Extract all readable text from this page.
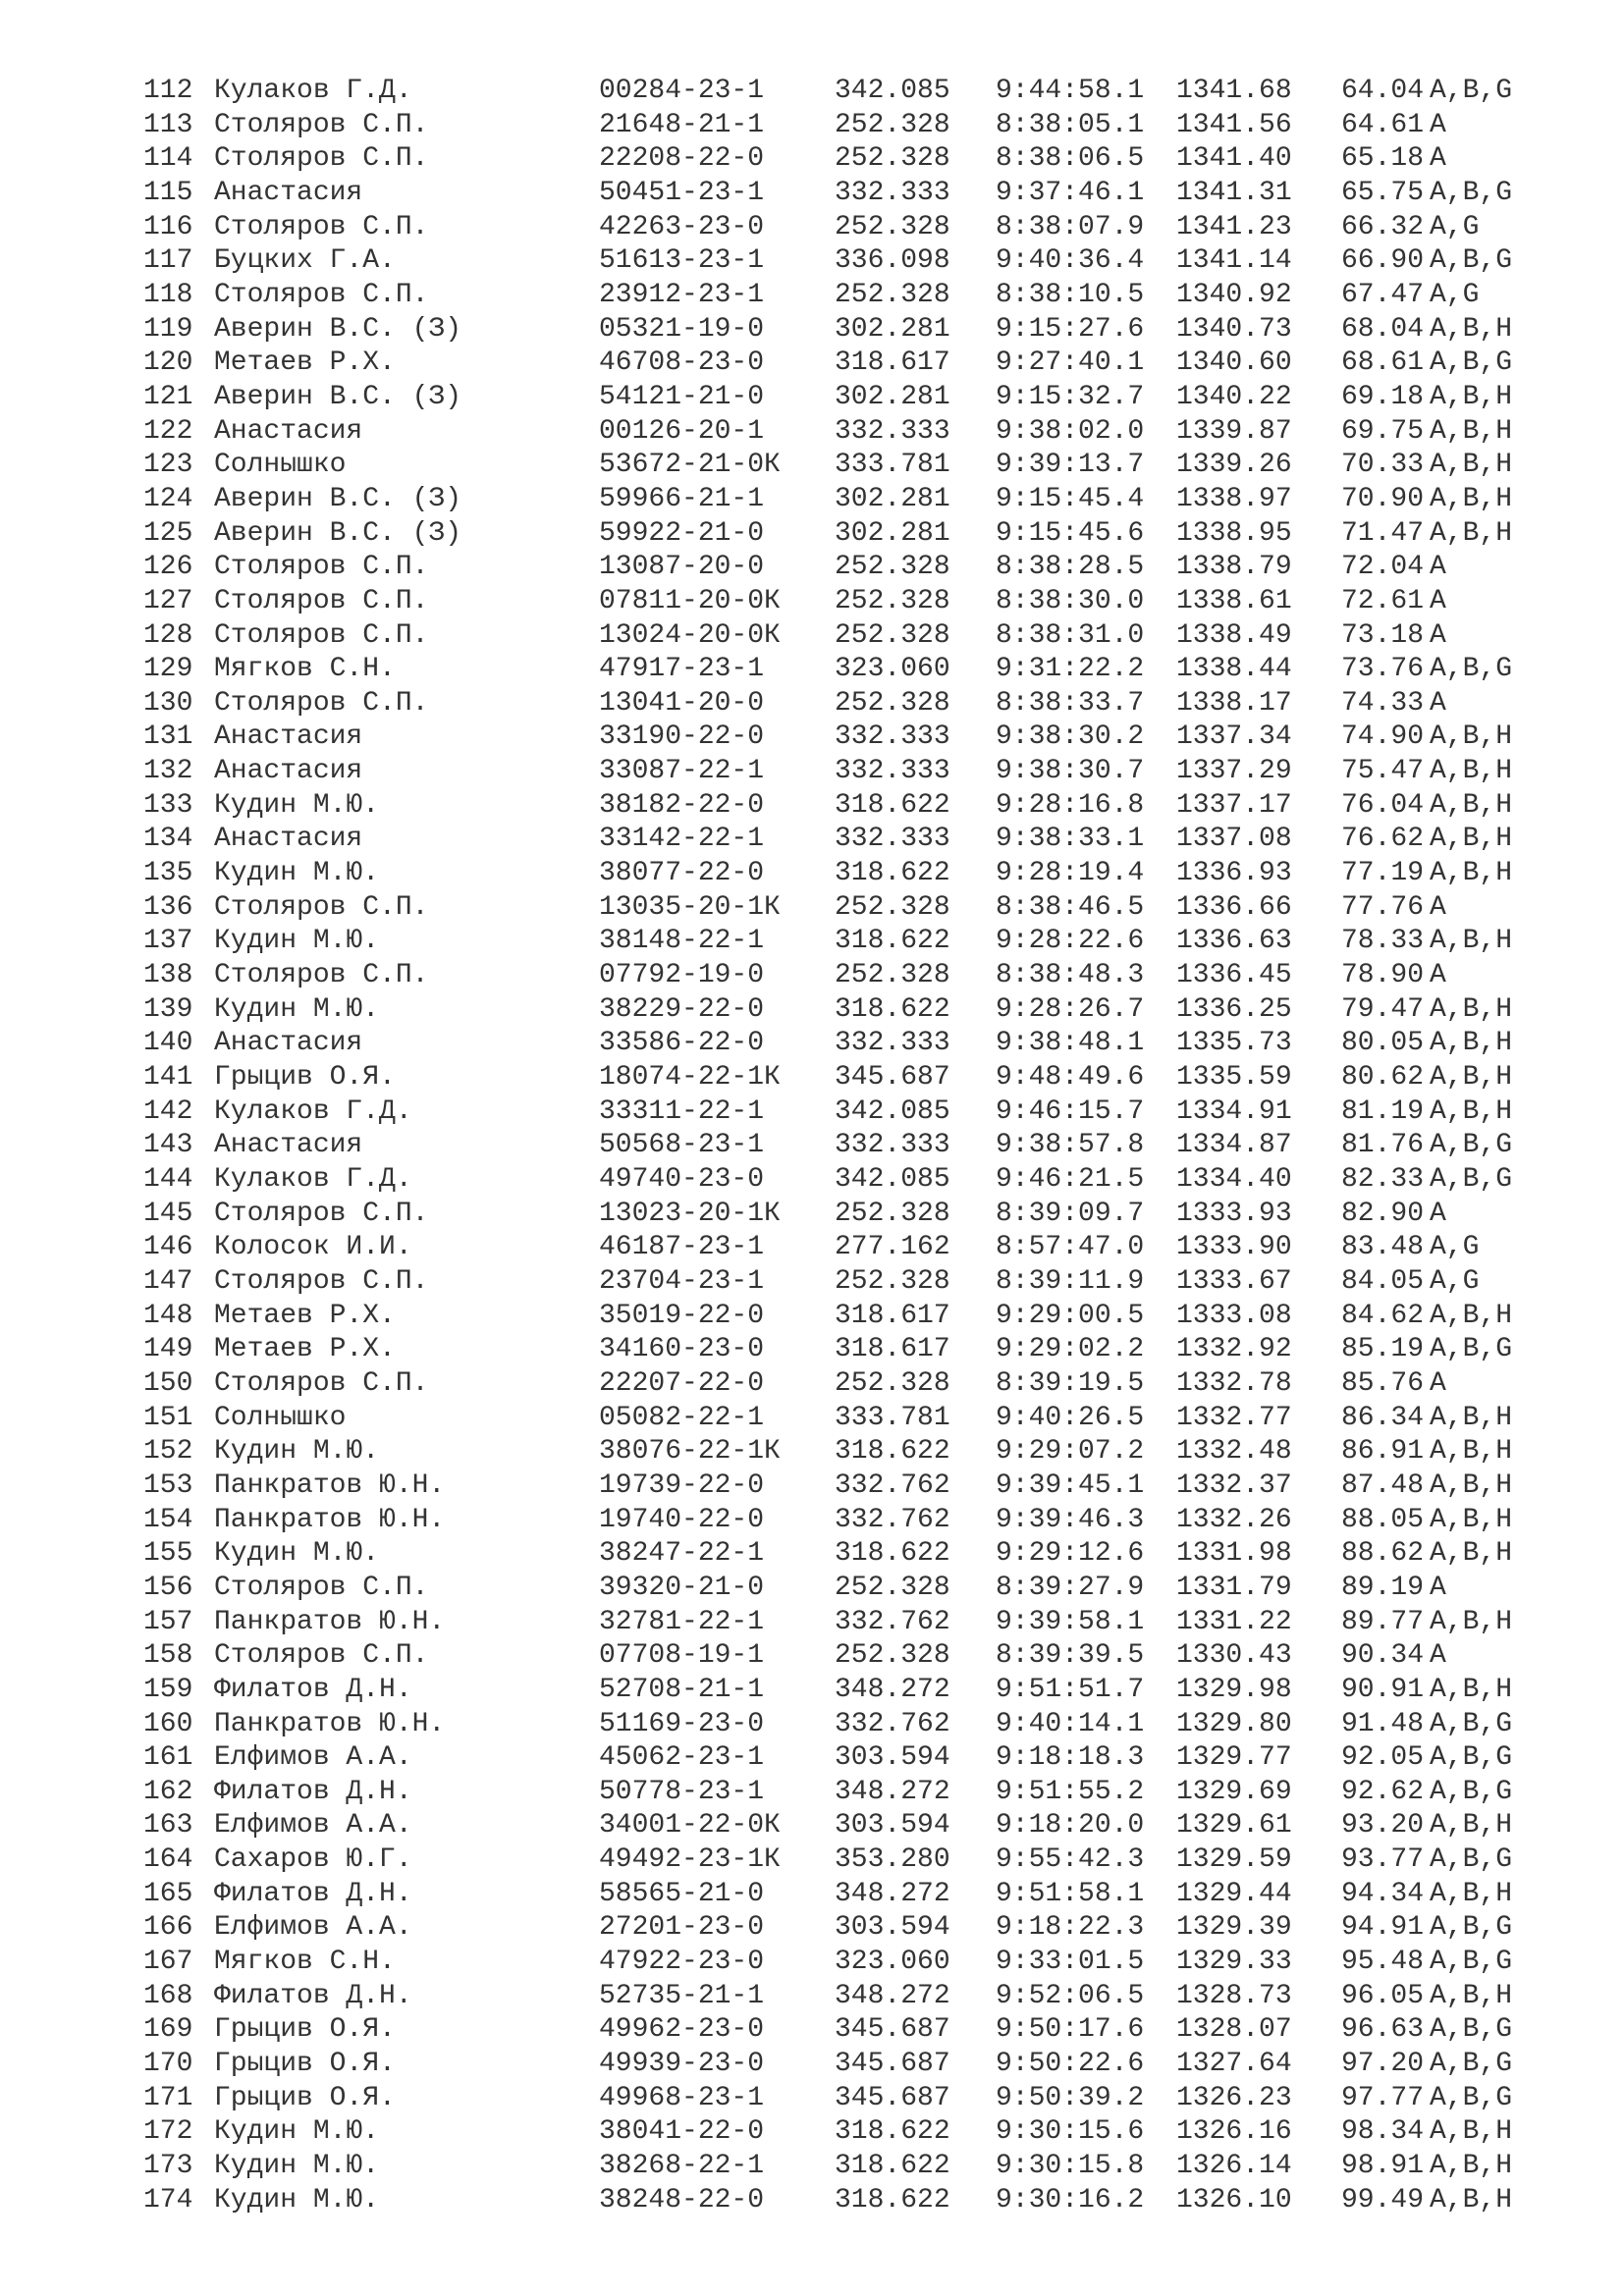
112 Кулаков Г.Д.	00284-23-1	342.085	9:44:58.1	1341.68	64.04 A,B,G
113 Столяров С.П.	21648-21-1	252.328	8:38:05.1	1341.56	64.61 A
114 Столяров С.П.	22208-22-0	252.328	8:38:06.5	1341.40	65.18 A
115 Анастасия	50451-23-1	332.333	9:37:46.1	1341.31	65.75 A,B,G
116 Столяров С.П.	42263-23-0	252.328	8:38:07.9	1341.23	66.32 A,G
117 Буцких Г.А.	51613-23-1	336.098	9:40:36.4	1341.14	66.90 A,B,G
118 Столяров С.П.	23912-23-1	252.328	8:38:10.5	1340.92	67.47 A,G
119 Аверин В.С. (З)	05321-19-0	302.281	9:15:27.6	1340.73	68.04 A,B,H
120 Метаев Р.Х.	46708-23-0	318.617	9:27:40.1	1340.60	68.61 A,B,G
121 Аверин В.С. (З)	54121-21-0	302.281	9:15:32.7	1340.22	69.18 A,B,H
122 Анастасия	00126-20-1	332.333	9:38:02.0	1339.87	69.75 A,B,H
123 Солнышко	53672-21-0К	333.781	9:39:13.7	1339.26	70.33 A,B,H
124 Аверин В.С. (З)	59966-21-1	302.281	9:15:45.4	1338.97	70.90 A,B,H
125 Аверин В.С. (З)	59922-21-0	302.281	9:15:45.6	1338.95	71.47 A,B,H
126 Столяров С.П.	13087-20-0	252.328	8:38:28.5	1338.79	72.04 A
127 Столяров С.П.	07811-20-0К	252.328	8:38:30.0	1338.61	72.61 A
128 Столяров С.П.	13024-20-0К	252.328	8:38:31.0	1338.49	73.18 A
129 Мягков С.Н.	47917-23-1	323.060	9:31:22.2	1338.44	73.76 A,B,G
130 Столяров С.П.	13041-20-0	252.328	8:38:33.7	1338.17	74.33 A
131 Анастасия	33190-22-0	332.333	9:38:30.2	1337.34	74.90 A,B,H
132 Анастасия	33087-22-1	332.333	9:38:30.7	1337.29	75.47 A,B,H
133 Кудин М.Ю.	38182-22-0	318.622	9:28:16.8	1337.17	76.04 A,B,H
134 Анастасия	33142-22-1	332.333	9:38:33.1	1337.08	76.62 A,B,H
135 Кудин М.Ю.	38077-22-0	318.622	9:28:19.4	1336.93	77.19 A,B,H
136 Столяров С.П.	13035-20-1К	252.328	8:38:46.5	1336.66	77.76 A
137 Кудин М.Ю.	38148-22-1	318.622	9:28:22.6	1336.63	78.33 A,B,H
138 Столяров С.П.	07792-19-0	252.328	8:38:48.3	1336.45	78.90 A
139 Кудин М.Ю.	38229-22-0	318.622	9:28:26.7	1336.25	79.47 A,B,H
140 Анастасия	33586-22-0	332.333	9:38:48.1	1335.73	80.05 A,B,H
141 Грыцив О.Я.	18074-22-1К	345.687	9:48:49.6	1335.59	80.62 A,B,H
142 Кулаков Г.Д.	33311-22-1	342.085	9:46:15.7	1334.91	81.19 A,B,H
143 Анастасия	50568-23-1	332.333	9:38:57.8	1334.87	81.76 A,B,G
144 Кулаков Г.Д.	49740-23-0	342.085	9:46:21.5	1334.40	82.33 A,B,G
145 Столяров С.П.	13023-20-1К	252.328	8:39:09.7	1333.93	82.90 A
146 Колосок И.И.	46187-23-1	277.162	8:57:47.0	1333.90	83.48 A,G
147 Столяров С.П.	23704-23-1	252.328	8:39:11.9	1333.67	84.05 A,G
148 Метаев Р.Х.	35019-22-0	318.617	9:29:00.5	1333.08	84.62 A,B,H
149 Метаев Р.Х.	34160-23-0	318.617	9:29:02.2	1332.92	85.19 A,B,G
150 Столяров С.П.	22207-22-0	252.328	8:39:19.5	1332.78	85.76 A
151 Солнышко	05082-22-1	333.781	9:40:26.5	1332.77	86.34 A,B,H
152 Кудин М.Ю.	38076-22-1К	318.622	9:29:07.2	1332.48	86.91 A,B,H
153 Панкратов Ю.Н.	19739-22-0	332.762	9:39:45.1	1332.37	87.48 A,B,H
154 Панкратов Ю.Н.	19740-22-0	332.762	9:39:46.3	1332.26	88.05 A,B,H
155 Кудин М.Ю.	38247-22-1	318.622	9:29:12.6	1331.98	88.62 A,B,H
156 Столяров С.П.	39320-21-0	252.328	8:39:27.9	1331.79	89.19 A
157 Панкратов Ю.Н.	32781-22-1	332.762	9:39:58.1	1331.22	89.77 A,B,H
158 Столяров С.П.	07708-19-1	252.328	8:39:39.5	1330.43	90.34 A
159 Филатов Д.Н.	52708-21-1	348.272	9:51:51.7	1329.98	90.91 A,B,H
160 Панкратов Ю.Н.	51169-23-0	332.762	9:40:14.1	1329.80	91.48 A,B,G
161 Елфимов А.А.	45062-23-1	303.594	9:18:18.3	1329.77	92.05 A,B,G
162 Филатов Д.Н.	50778-23-1	348.272	9:51:55.2	1329.69	92.62 A,B,G
163 Елфимов А.А.	34001-22-0К	303.594	9:18:20.0	1329.61	93.20 A,B,H
164 Сахаров Ю.Г.	49492-23-1К	353.280	9:55:42.3	1329.59	93.77 A,B,G
165 Филатов Д.Н.	58565-21-0	348.272	9:51:58.1	1329.44	94.34 A,B,H
166 Елфимов А.А.	27201-23-0	303.594	9:18:22.3	1329.39	94.91 A,B,G
167 Мягков С.Н.	47922-23-0	323.060	9:33:01.5	1329.33	95.48 A,B,G
168 Филатов Д.Н.	52735-21-1	348.272	9:52:06.5	1328.73	96.05 A,B,H
169 Грыцив О.Я.	49962-23-0	345.687	9:50:17.6	1328.07	96.63 A,B,G
170 Грыцив О.Я.	49939-23-0	345.687	9:50:22.6	1327.64	97.20 A,B,G
171 Грыцив О.Я.	49968-23-1	345.687	9:50:39.2	1326.23	97.77 A,B,G
172 Кудин М.Ю.	38041-22-0	318.622	9:30:15.6	1326.16	98.34 A,B,H
173 Кудин М.Ю.	38268-22-1	318.622	9:30:15.8	1326.14	98.91 A,B,H
174 Кудин М.Ю.	38248-22-0	318.622	9:30:16.2	1326.10	99.49 A,B,H
